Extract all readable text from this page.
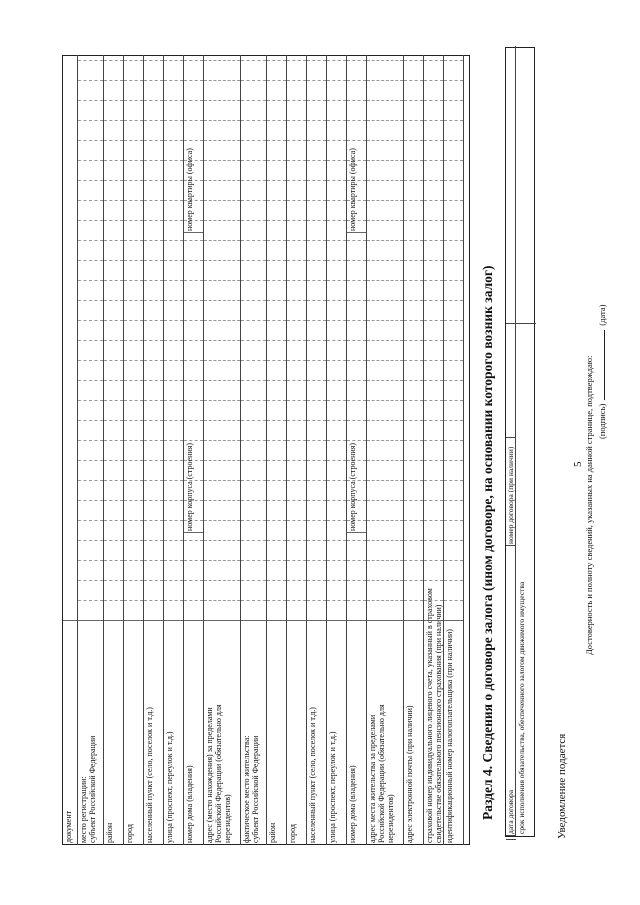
5
документ место регистрации:
субъект Российской Федерации
район город населенный пункт (село, поселок и т.д.) улица (проспект, переулок и т.д.) номер дома (владения)
номер корпуса (строения)
номер квартиры (офиса)
адрес (место нахождения) за пределами
Российской Федерации (обязательно для
нерезидентов) фактическое место жительства:
субъект Российской Федерации
район город населенный пункт (село, поселок и т.д.) улица (проспект, переулок и т.д.) номер дома (владения)
номер корпуса (строения)
номер квартиры (офиса)
адрес места жительства за пределами
Российской Федерации (обязательно для
нерезидентов) адрес электронной почты (при наличии) страховой номер индивидуального лицевого счета, указанный в страховом
свидетельстве обязательного пенсионного страхования (при наличии)
идентификационный номер налогоплательщика (при наличии) Раздел 4. Сведения о договоре залога (ином договоре, на основании которого возник залог) дата договора
номер договора (при наличии)
срок исполнения обязательства, обеспеченного залогом движимого имущества	Уведомление подается
Достоверность и полноту сведений, указанных на данной странице, подтверждаю: (подпись)(дата)
